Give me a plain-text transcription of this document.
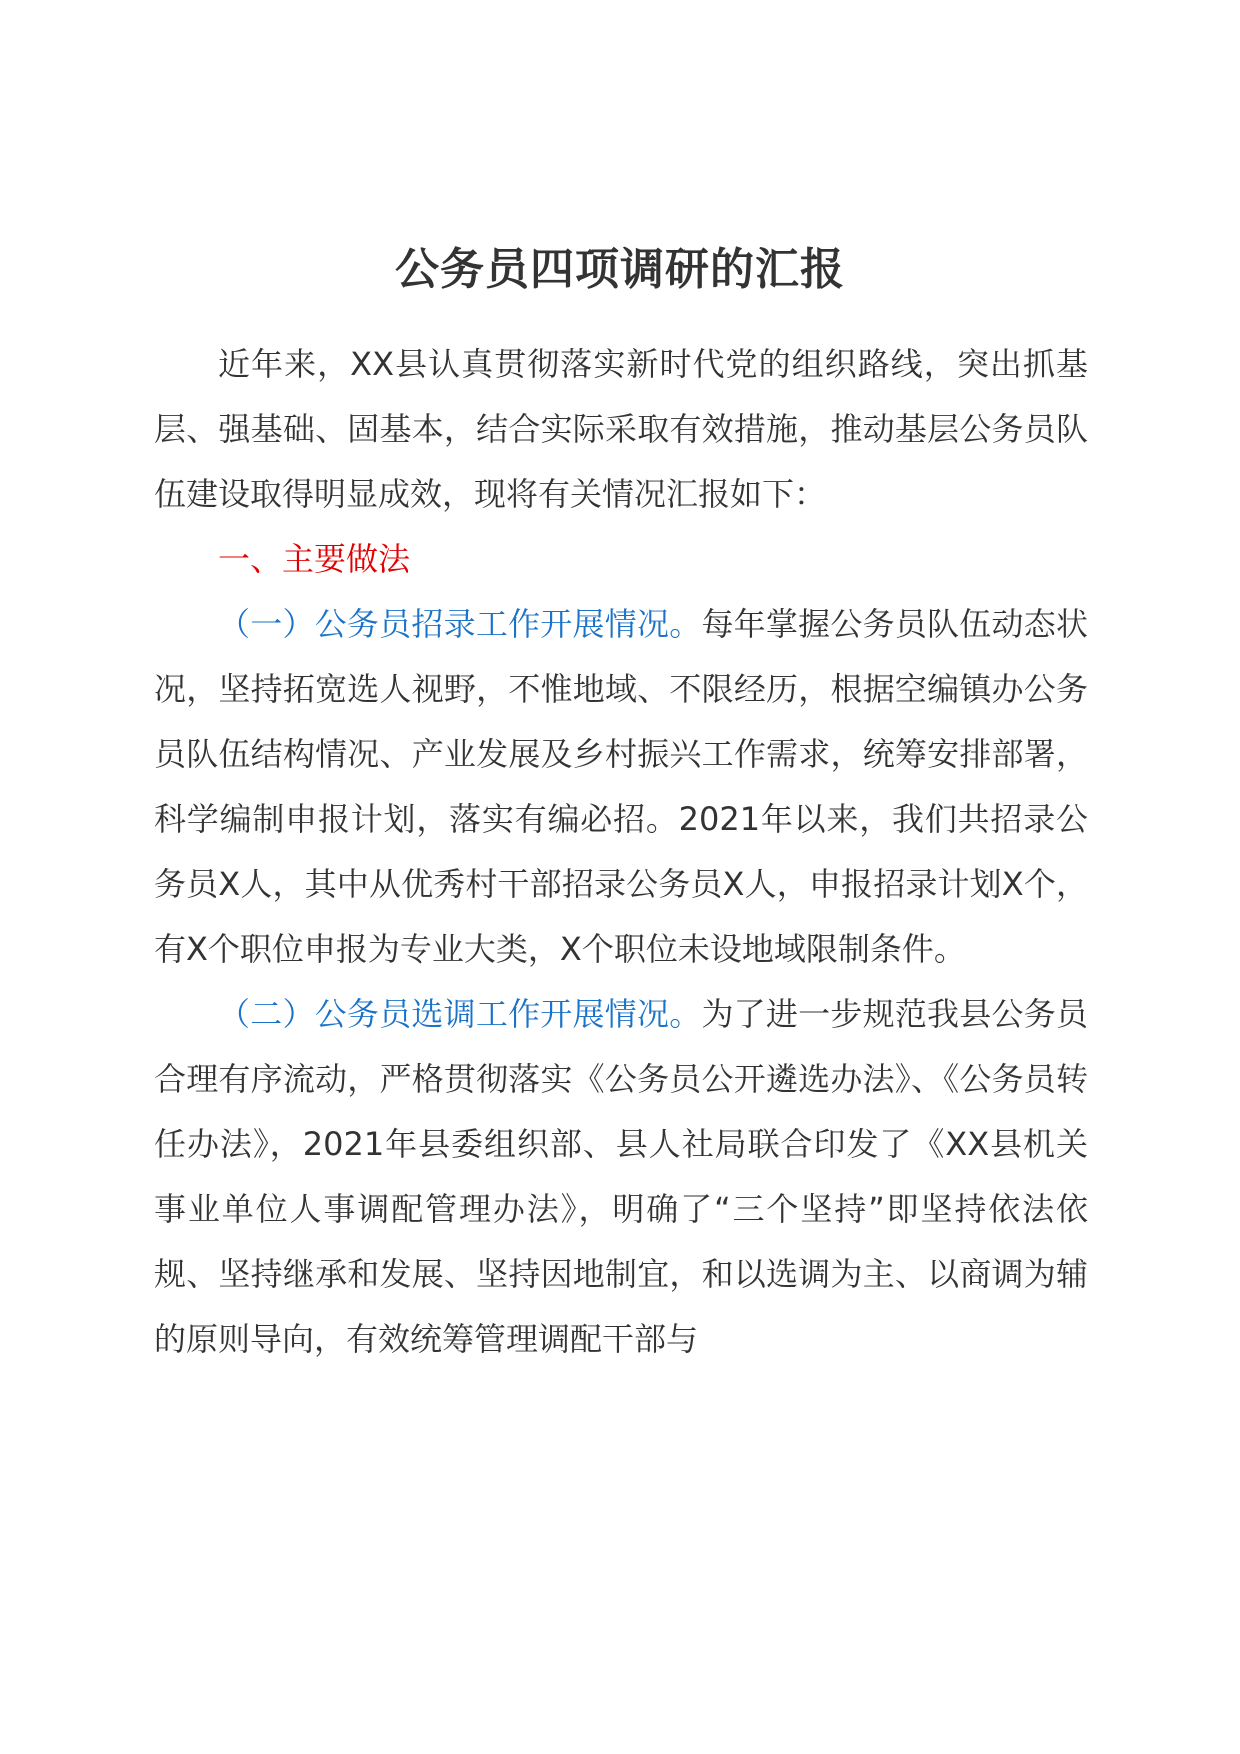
公务员四项调研的汇报

近年来，XX县认真贯彻落实新时代党的组织路线，突出抓基层、强基础、固基本，结合实际采取有效措施，推动基层公务员队伍建设取得明显成效，现将有关情况汇报如下：

一、主要做法

（一）公务员招录工作开展情况。每年掌握公务员队伍动态状况，坚持拓宽选人视野，不惟地域、不限经历，根据空编镇办公务员队伍结构情况、产业发展及乡村振兴工作需求，统筹安排部署，科学编制申报计划，落实有编必招。2021年以来，我们共招录公务员X人，其中从优秀村干部招录公务员X人，申报招录计划X个，有X个职位申报为专业大类，X个职位未设地域限制条件。

（二）公务员选调工作开展情况。为了进一步规范我县公务员合理有序流动，严格贯彻落实《公务员公开遴选办法》、《公务员转任办法》，2021年县委组织部、县人社局联合印发了《XX县机关事业单位人事调配管理办法》，明确了“三个坚持”即坚持依法依规、坚持继承和发展、坚持因地制宜，和以选调为主、以商调为辅的原则导向，有效统筹管理调配干部与
